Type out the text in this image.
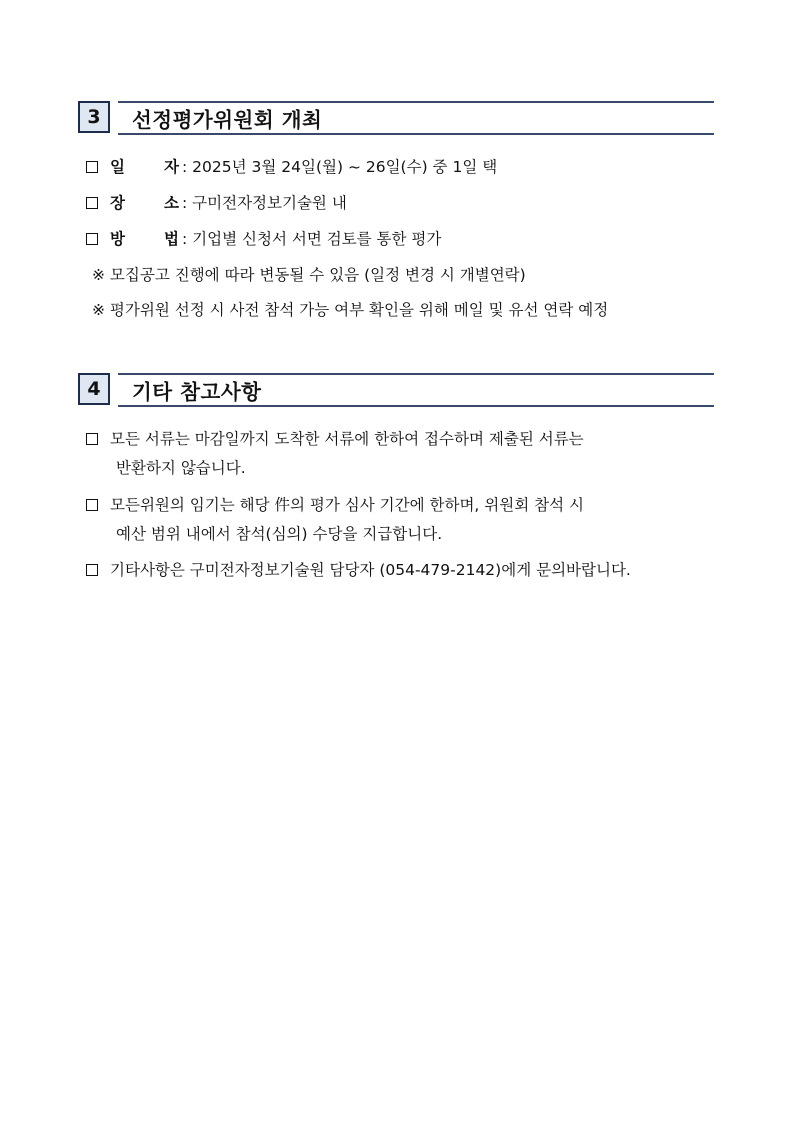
3	선정평가위원회 개최
일	자 : 2025년 3월 24일(월) ~ 26일(수) 중 1일 택
장	소 : 구미전자정보기술원 내
방	법 : 기업별 신청서 서면 검토를 통한 평가
※ 모집공고 진행에 따라 변동될 수 있음 (일정 변경 시 개별연락)
※ 평가위원 선정 시 사전 참석 가능 여부 확인을 위해 메일 및 유선 연락 예정
4	기타 참고사항
모든 서류는 마감일까지 도착한 서류에 한하여 접수하며 제출된 서류는
반환하지 않습니다.
모든위원의 임기는 해당 件의 평가 심사 기간에 한하며, 위원회 참석 시
예산 범위 내에서 참석(심의) 수당을 지급합니다.
기타사항은 구미전자정보기술원 담당자 (054-479-2142)에게 문의바랍니다.
